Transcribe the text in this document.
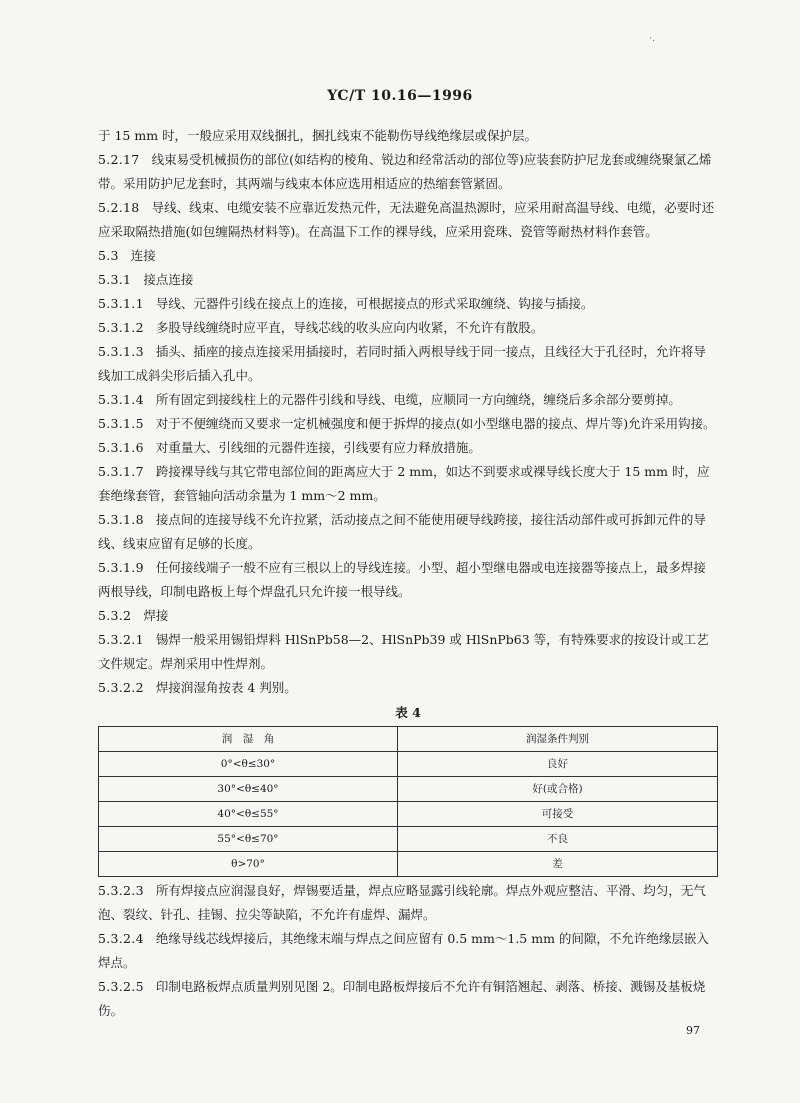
·.
YC/T 10.16—1996

于 15 mm 时，一般应采用双线捆扎，捆扎线束不能勒伤导线绝缘层或保护层。

5.2.17 线束易受机械损伤的部位(如结构的棱角、锐边和经常活动的部位等)应装套防护尼龙套或缠绕聚氯乙烯带。采用防护尼龙套时，其两端与线束本体应选用相适应的热缩套管紧固。

5.2.18 导线、线束、电缆安装不应靠近发热元件，无法避免高温热源时，应采用耐高温导线、电缆，必要时还应采取隔热措施(如包缠隔热材料等)。在高温下工作的裸导线，应采用瓷珠、瓷管等耐热材料作套管。

5.3 连接

5.3.1 接点连接

5.3.1.1 导线、元器件引线在接点上的连接，可根据接点的形式采取缠绕、钩接与插接。

5.3.1.2 多股导线缠绕时应平直，导线芯线的收头应向内收紧，不允许有散股。

5.3.1.3 插头、插座的接点连接采用插接时，若同时插入两根导线于同一接点，且线径大于孔径时，允许将导线加工成斜尖形后插入孔中。

5.3.1.4 所有固定到接线柱上的元器件引线和导线、电缆，应顺同一方向缠绕，缠绕后多余部分要剪掉。

5.3.1.5 对于不便缠绕而又要求一定机械强度和便于拆焊的接点(如小型继电器的接点、焊片等)允许采用钩接。

5.3.1.6 对重量大、引线细的元器件连接，引线要有应力释放措施。

5.3.1.7 跨接裸导线与其它带电部位间的距离应大于 2 mm，如达不到要求或裸导线长度大于 15 mm 时，应套绝缘套管，套管轴向活动余量为 1 mm～2 mm。

5.3.1.8 接点间的连接导线不允许拉紧，活动接点之间不能使用硬导线跨接，接往活动部件或可拆卸元件的导线、线束应留有足够的长度。

5.3.1.9 任何接线端子一般不应有三根以上的导线连接。小型、超小型继电器或电连接器等接点上，最多焊接两根导线，印制电路板上每个焊盘孔只允许接一根导线。

5.3.2 焊接

5.3.2.1 锡焊一般采用锡铅焊料 HlSnPb58—2、HlSnPb39 或 HlSnPb63 等，有特殊要求的按设计或工艺文件规定。焊剂采用中性焊剂。

5.3.2.2 焊接润湿角按表 4 判别。

表 4
润　湿　角	润湿条件判别
0°<θ≤30°	良好
30°<θ≤40°	好(或合格)
40°<θ≤55°	可接受
55°<θ≤70°	不良
θ>70°	差

5.3.2.3 所有焊接点应润湿良好，焊锡要适量，焊点应略显露引线轮廓。焊点外观应整洁、平滑、均匀，无气泡、裂纹、针孔、挂锡、拉尖等缺陷，不允许有虚焊、漏焊。

5.3.2.4 绝缘导线芯线焊接后，其绝缘末端与焊点之间应留有 0.5 mm～1.5 mm 的间隙，不允许绝缘层嵌入焊点。

5.3.2.5 印制电路板焊点质量判别见图 2。印制电路板焊接后不允许有铜箔翘起、剥落、桥接、溅锡及基板烧伤。

97
